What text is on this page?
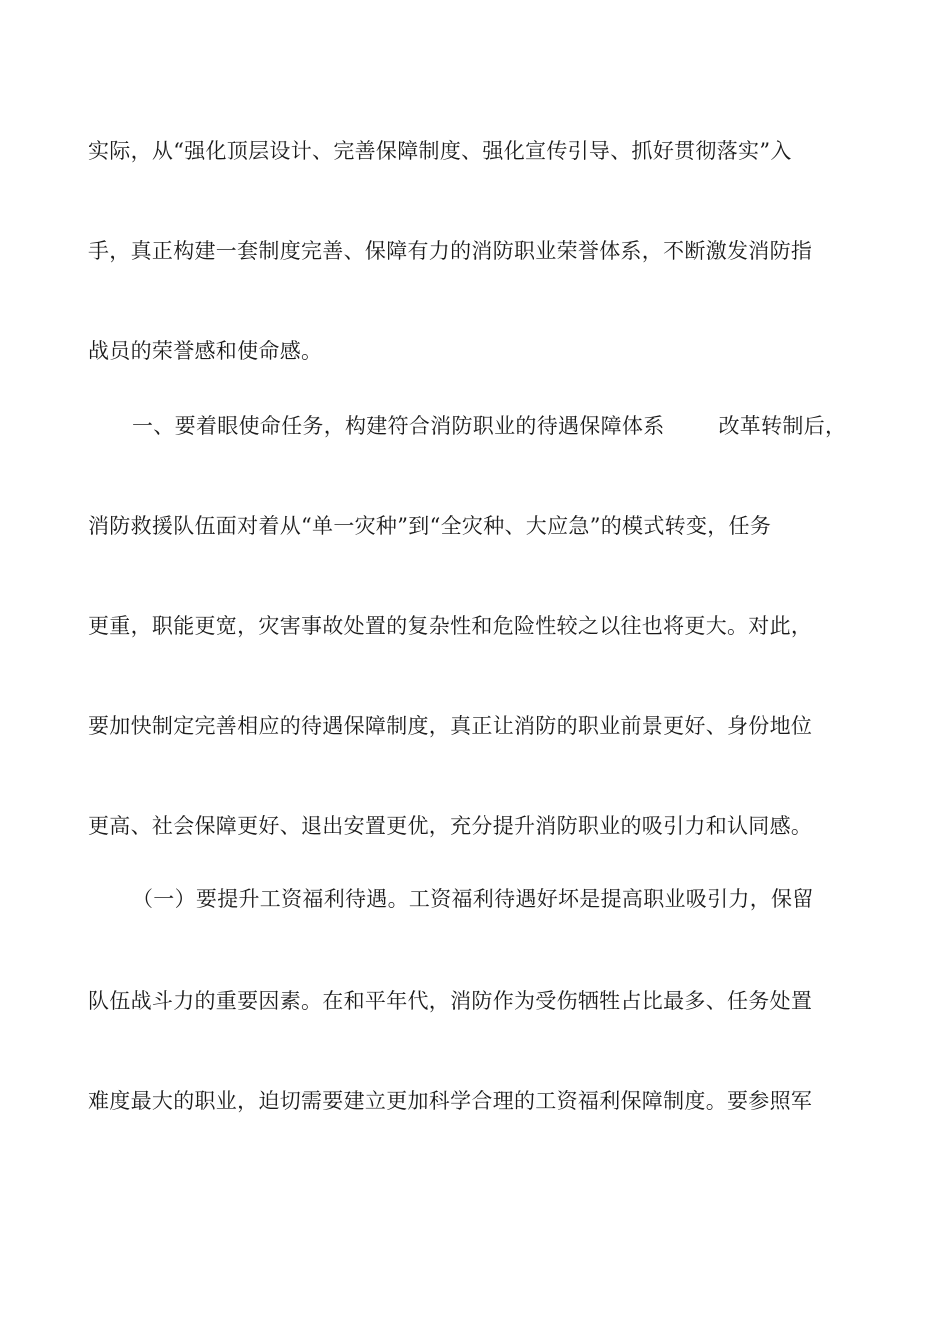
实际，从“强化顶层设计、完善保障制度、强化宣传引导、抓好贯彻落实”入
手，真正构建一套制度完善、保障有力的消防职业荣誉体系，不断激发消防指
战员的荣誉感和使命感。
一、要着眼使命任务，构建符合消防职业的待遇保障体系	改革转制后，
消防救援队伍面对着从“单一灾种”到“全灾种、大应急”的模式转变，任务
更重，职能更宽，灾害事故处置的复杂性和危险性较之以往也将更大。对此，
要加快制定完善相应的待遇保障制度，真正让消防的职业前景更好、身份地位
更高、社会保障更好、退出安置更优，充分提升消防职业的吸引力和认同感。
（一）要提升工资福利待遇。工资福利待遇好坏是提高职业吸引力，保留
队伍战斗力的重要因素。在和平年代，消防作为受伤牺牲占比最多、任务处置
难度最大的职业，迫切需要建立更加科学合理的工资福利保障制度。要参照军
